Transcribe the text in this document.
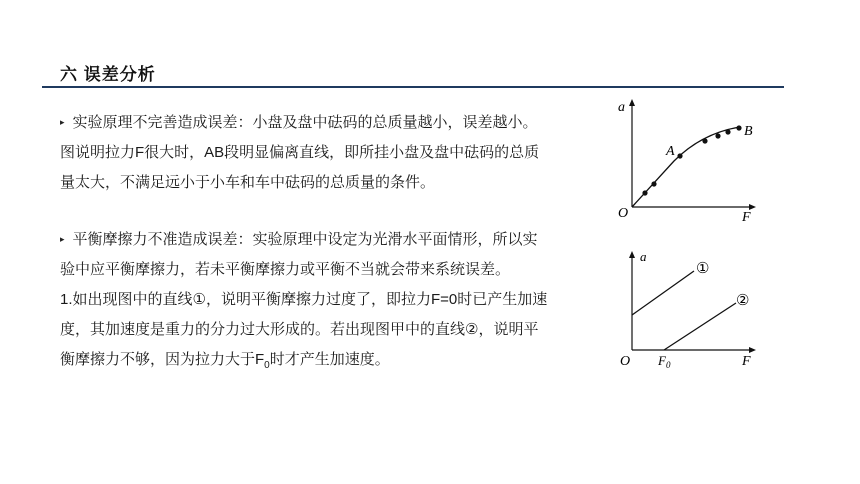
六 误差分析
▸ 实验原理不完善造成误差：小盘及盘中砝码的总质量越小，误差越小。
图说明拉力F很大时，AB段明显偏离直线，即所挂小盘及盘中砝码的总质
量太大，不满足远小于小车和车中砝码的总质量的条件。
▸ 平衡摩擦力不准造成误差：实验原理中设定为光滑水平面情形，所以实
验中应平衡摩擦力，若未平衡摩擦力或平衡不当就会带来系统误差。
1.如出现图中的直线①，说明平衡摩擦力过度了，即拉力F=0时已产生加速
度，其加速度是重力的分力过大形成的。若出现图甲中的直线②，说明平
衡摩擦力不够，因为拉力大于$F_0$时才产生加速度。
a
F
O
A
B
a
F
O $F_0$
①
②
